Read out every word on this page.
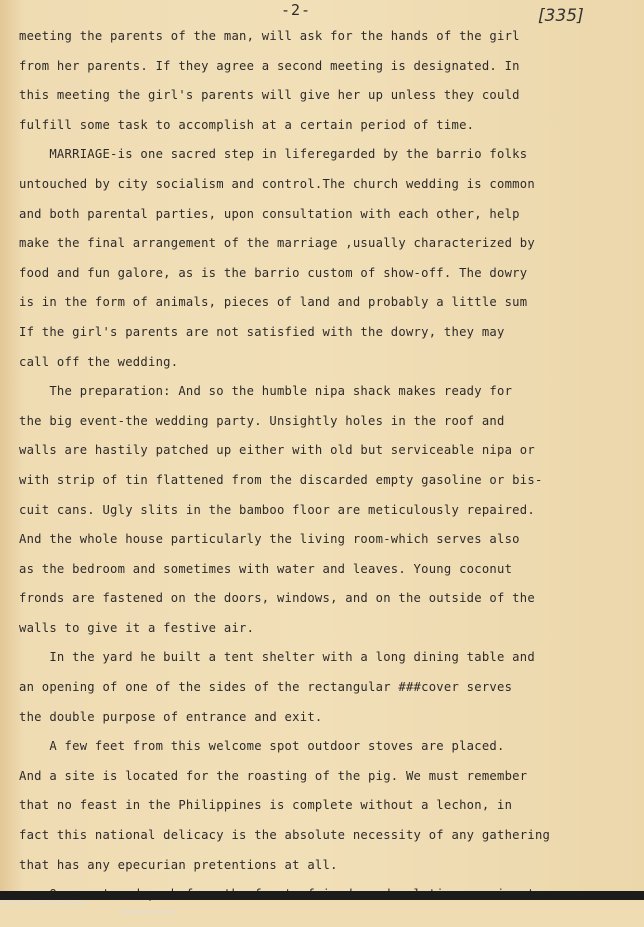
-2-	[335]
meeting the parents of the man, will ask for the hands of the girl
from her parents. If they agree a second meeting is designated. In
this meeting the girl's parents will give her up unless they could
fulfill some task to accomplish at a certain period of time.
MARRIAGE-is one sacred step in liferegarded by the barrio folks
untouched by city socialism and control.The church wedding is common
and both parental parties, upon consultation with each other, help
make the final arrangement of the marriage ,usually characterized by
food and fun galore, as is the barrio custom of show-off. The dowry
is in the form of animals, pieces of land and probably a little sum
If the girl's parents are not satisfied with the dowry, they may
call off the wedding.
The preparation: And so the humble nipa shack makes ready for
the big event-the wedding party. Unsightly holes in the roof and
walls are hastily patched up either with old but serviceable nipa or
with strip of tin flattened from the discarded empty gasoline or bis-
cuit cans. Ugly slits in the bamboo floor are meticulously repaired.
And the whole house particularly the living room-which serves also
as the bedroom and sometimes with water and leaves. Young coconut
fronds are fastened on the doors, windows, and on the outside of the
walls to give it a festive air.
In the yard he built a tent shelter with a long dining table and
an opening of one of the sides of the rectangular ###cover serves
the double purpose of entrance and exit.
A few feet from this welcome spot outdoor stoves are placed.
And a site is located for the roasting of the pig. We must remember
that no feast in the Philippines is complete without a lechon, in
fact this national delicacy is the absolute necessity of any gathering
that has any epecurian pretentions at all.

National Library of the Philippines

HLF28BB01A22570.tif
